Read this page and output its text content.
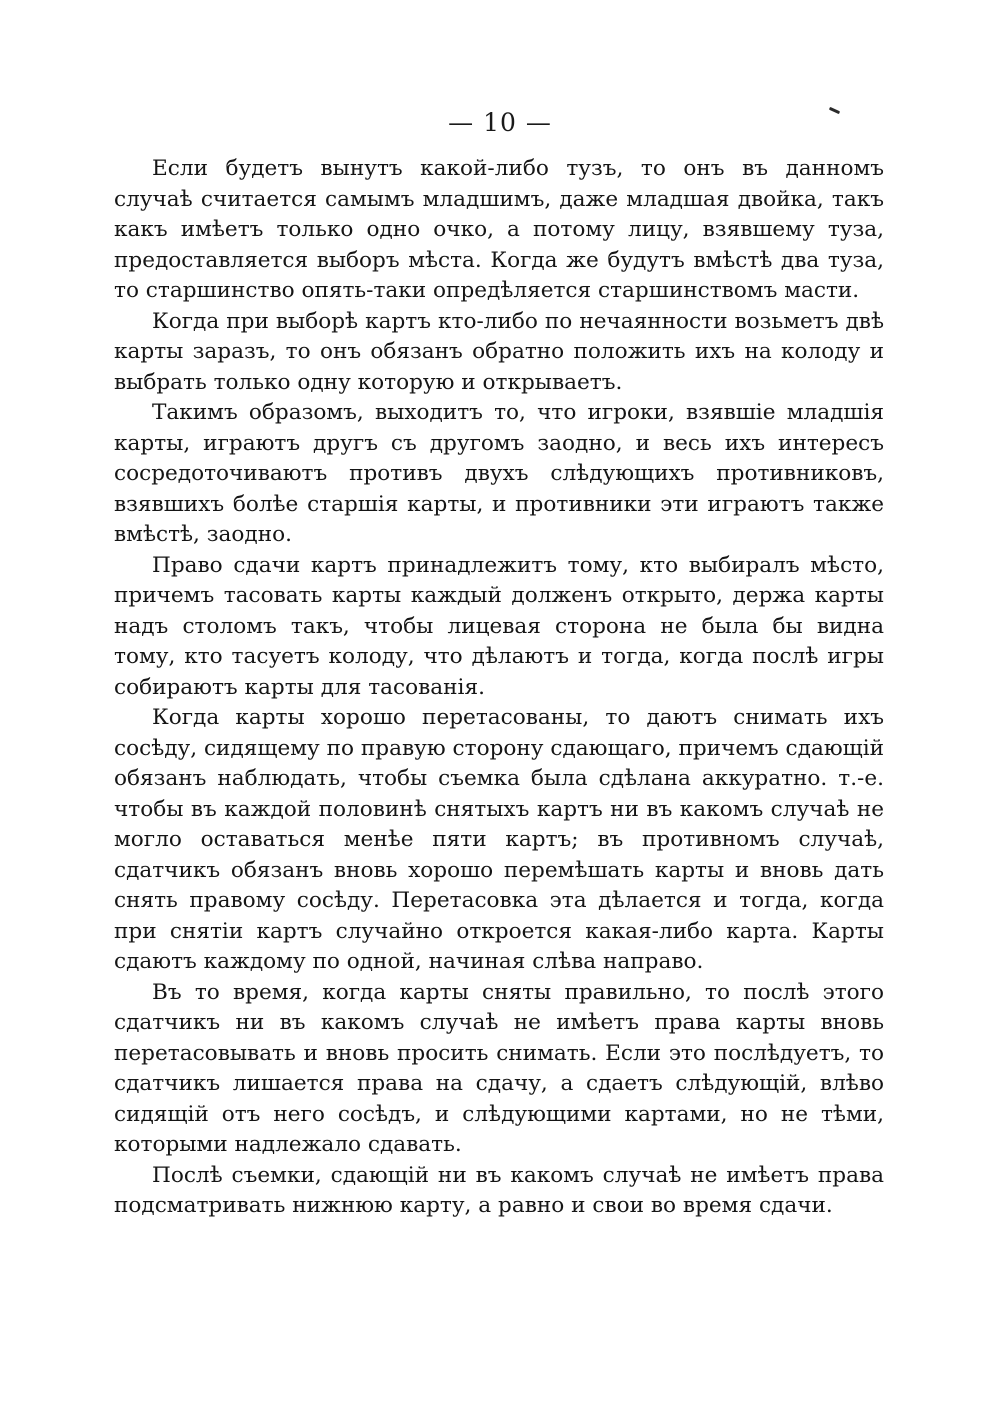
— 10 —

Если будетъ вынутъ какой-либо тузъ, то онъ въ данномъ случаѣ считается самымъ младшимъ, даже младшая двойка, такъ какъ имѣетъ только одно очко, а потому лицу, взявшему туза, предоставляется выборъ мѣста. Когда же будутъ вмѣстѣ два туза, то старшинство опять-таки опредѣляется старшинствомъ масти.

Когда при выборѣ картъ кто-либо по нечаянности возьметъ двѣ карты заразъ, то онъ обязанъ обратно положить ихъ на колоду и выбрать только одну которую и открываетъ.

Такимъ образомъ, выходитъ то, что игроки, взявшіе младшія карты, играютъ другъ съ другомъ заодно, и весь ихъ интересъ сосредоточиваютъ противъ двухъ слѣдующихъ противниковъ, взявшихъ болѣе старшія карты, и противники эти играютъ также вмѣстѣ, заодно.

Право сдачи картъ принадлежитъ тому, кто выбиралъ мѣсто, причемъ тасовать карты каждый долженъ открыто, держа карты надъ столомъ такъ, чтобы лицевая сторона не была бы видна тому, кто тасуетъ колоду, что дѣлаютъ и тогда, когда послѣ игры собираютъ карты для тасованія.

Когда карты хорошо перетасованы, то даютъ снимать ихъ сосѣду, сидящему по правую сторону сдающаго, причемъ сдающій обязанъ наблюдать, чтобы съемка была сдѣлана аккуратно. т.-е. чтобы въ каждой половинѣ снятыхъ картъ ни въ какомъ случаѣ не могло оставаться менѣе пяти картъ; въ противномъ случаѣ, сдатчикъ обязанъ вновь хорошо перемѣшать карты и вновь дать снять правому сосѣду. Перетасовка эта дѣлается и тогда, когда при снятіи картъ случайно откроется какая-либо карта. Карты сдаютъ каждому по одной, начиная слѣва направо.

Въ то время, когда карты сняты правильно, то послѣ этого сдатчикъ ни въ какомъ случаѣ не имѣетъ права карты вновь перетасовывать и вновь просить снимать. Если это послѣдуетъ, то сдатчикъ лишается права на сдачу, а сдаетъ слѣдующій, влѣво сидящій отъ него сосѣдъ, и слѣдующими картами, но не тѣми, которыми надлежало сдавать.

Послѣ съемки, сдающій ни въ какомъ случаѣ не имѣетъ права подсматривать нижнюю карту, а равно и свои во время сдачи.
